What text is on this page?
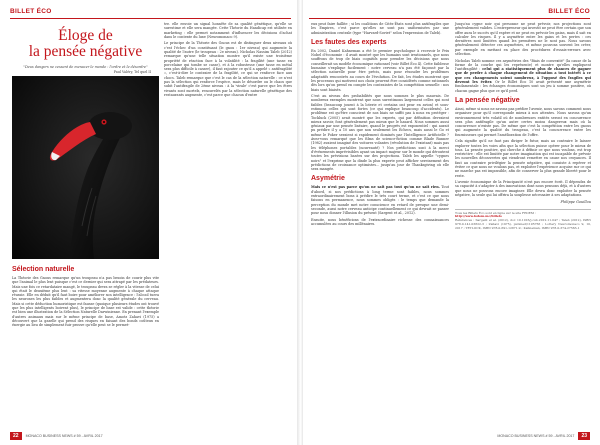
BILLET ÉCO
Éloge de
la pensée négative
"Deux dangers ne cessent de menacer le monde : l'ordre et le désordre"
Paul Valéry, Tel quel II
Sélection naturelle

La Théorie des Gnous remarque qu'un troupeau n'a pas besoin de courir plus vite que l'animal le plus lent puisque c'est ce dernier qui sera attrapé par les prédateurs. Mais une fois ce retardataire mangé, le troupeau devra se régler à la vitesse de celui qui était le deuxième plus lent : sa vitesse moyenne augmente à chaque attaque réussie. Elle en déduit qu'il faut boire pour améliorer son intelligence : l'alcool tuera les neurones les plus faibles et augmentera donc la qualité générale du cerveau. Mais si cette déduction humoristique est fausse (quoique plusieurs études ont trouvé que les plus intelligents boivent plus), le principe de base est valide : cette théorie est bien une illustration de la Sélection Naturelle Darwinienne. En prenant l'exemple d'autres animaux mais sur le même principe de base, Amotz Zahavi (1975) a découvert que la gazelle qui prend des risques en faisant des bonds coûteux en énergie au lieu de simplement fuir prouve qu'elle peut se le permet-

tre. elle envoie un signal honnête de sa qualité génétique, qu'elle se surestime et elle sera mangée. Cette Théorie du Handicap est utilisée en marketing : elle permet notamment d'influencer les décisions d'achat dans le contexte du luxe (Neuromonaco 9).

Le principe de la Théorie des Gnous est de distinguer deux niveaux où c'est l'échec d'un constituant (le gnou : 1er niveau) qui augmente la qualité de l'autre (le troupeau : 2e niveau). Nicholas Nassim Taleb (2012) remarque qu'une telle situation montre qu'il existe une troisième propriété de réaction face à la volatilité : la fragilité (une tasse en porcelaine qui tombe se casse), et à la robustesse (une tasse en métal sera plus difficile à casser), il faut rajouter ce qu'il a appelé « antifragilité », c'est-à-dire le contraire de la fragilité, ce qui se renforce face aux chocs. Taleb remarque que c'est le cas de la sélection naturelle : ce n'est pas la sélection qui renforce l'espèce, mais le désordre ou le chaos que subit l'antifragile de 2ème niveau : à la 'virale' c'est parce que les êtres vivants sont mortels, renouvelés par la sélection naturelle génétique des restaurants augmente, c'est parce que chacun d'entre

22	MONACO BUSINESS NEWS # 59 - AVRIL 2017
BILLET ÉCO

eux peut faire faillite ; si les coalitions de Cités-États sont plus antifragiles que les Empires, c'est parce qu'elles ne sont pas uniformisées par une administration centrale (type "Harvard-Soviet" selon l'expression de Taleb).

Les fautes des experts

En 2002, Daniel Kahneman a été le premier psychologue à recevoir le Prix Nobel d'économie : il avait montré que les humains sont irrationnels, que nous souffrons de trop de biais cognitifs pour prendre les décisions que nous conseillerait un modèle économique rationnel (voir Billet Éco 4). Cette faiblesse humaine s'explique facilement : notre cerveau n'a pas été façonné par la sélection naturelle pour être précis, mais pour résoudre les problèmes adaptatifs rencontrés au cours de l'évolution. De fait, les études montrent que les processus qui motivent nos choix peuvent être considérés comme rationnels dès lors qu'on prend en compte les contraintes de la compétition sexuelle : nos biais sont biaisés.

C'est au niveau des probabilités que nous sommes le plus mauvais. De nombreux exemples montrent que nous surestimons largement celles qui sont faibles (beaucoup jouent à la loterie et certains ont peur en avion) et sous-estimons celles qui sont fortes (ce qui explique beaucoup d'accidents). Le problème est qu'être conscient de nos biais ne suffit pas à nous en protéger : Tockluck (2005) avait montré que les experts, qui par définition devraient mieux savoir, font généralement pas mieux que le hasard. Nous sommes aussi géniaux par une pensée linéaire, quand le progrès est exponentiel : qui aurait pu prédire il y a 10 ans que non seulement les Échecs, mais aussi le Go et même le Poker seraient si rapidement dominés par l'Intelligence Artificielle ? Avez-vous remarqué que les films de science-fiction comme Blade Runner (1982) avaient imaginé des voitures volantes (révolution de l'existant) mais pas les téléphones portables (nouveauté) ? Nos prédictions sont à la merci d'événements imprévisibles ayant un impact majeur sur le monde qui déroutent toutes les prévisions basées sur des projections. Taleb les appelle "cygnes noirs" et l'exprime que la dinde la plus experte peut afficher sereinement des prédictions de croissance optimistes... jusqu'au jour de Thanksgiving où elle sera mangée.

Asymétrie

Mais ce n'est pas parce qu'on ne sait pas tout qu'on ne sait rien. Tout d'abord, si nos prédictions à long terme sont faibles, nous sommes extraordinairement bons à prédire le très court terme, et c'est ce que nous faisons en permanence, nous sommes obligés : le temps que demande la perception du monde met notre conscience en retard de presque une demi-seconde, aussi notre cerveau anticipe continuellement ce qui devrait se passer pour nous donner l'illusion du présent (Sargent et al., 2012).

Ensuite, nous bénéficions de l'extraordinaire richesse des connaissances accumulées au cours des millénaires.

Jusqu'au cygne noir qui personne ne peut prévoir, nos projections sont généralement valides. L'entrepreneur qui investit ne peut être certain que son offre aura le succès qu'il espère et ne peut en prévoir les gains, mais il sait en calculer les risques. Il y a asymétrie entre les gains et les pertes : ces dernières sont limitées quand les premières ne le sont pas. Nous savons généralement détecter ces asymétries, et même pouvons souvent les créer, par exemple en mettant en place des procédures d'essais-erreurs avec sélection.

Nicholas Taleb nomme ces asymétries des "Biais de convexité" (la cause de la forme de la courbe qui les représente) et montre qu'elles expliquent l'antifragilité : celui qui a statistiquement plus de chances de gagner que de perdre à chaque changement de situation a tout intérêt à ce que ces changements soient nombreux, à l'opposé des fragiles qui devront les éviter. Or le Billet Éco 10 avait présenté une asymétrie fondamentale : les échanges économiques sont un jeu à somme positive, où chacun gagne plus que ce qu'il perd.

La pensée négative

Ainsi, même si nous ne savons pas prédire l'avenir, nous savons comment nous organiser pour qu'il corresponde mieux à nos attentes. Nous savons qu'un environnement très volatil où de nombreuses entités seront en concurrence sera plus antifragile qu'un autre certes moins dangereux mais où la concurrence n'existe pas. De même que c'est la compétition entre les gnous qui augmente la qualité du troupeau, c'est la concurrence entre les fournisseurs qui permet l'amélioration de l'offre.

Cela signifie qu'il ne faut pas diriger le futur, mais au contraire le laisser explorer toutes les voies afin que la sélection puisse opérer pour le mieux de tous. La pensée positive, qui cherche à définir ce que nous voulons, est trop restrictive : elle est limitée par notre imagination qui est incapable de prévoir les nouvelles découvertes qui viendront remettre en cause nos croyances. Il faut au contraire privilégier la pensée négative, qui consiste à repérer et éviter ce que nous ne voulons pas, et exploiter l'expérience acquise sur ce qui ne marche pas est impossible, afin de conserver la plus grande liberté pour le reste.

L'avenir économique de la Principauté n'est pas encore écrit. Il dépendra de sa capacité à s'adapter à des innovations dont nous pensons déjà, et à d'autres que nous ne pouvons encore imaginer. Elle devra donc exploiter la pensée négative, la seule qui lui offrira la souplesse nécessaire à ses adaptations.

Philippe Gouillou
Tous les Billets Éco sont en ligne sur le site FEDEM :
http://www.fedem.mc/billets
Références : Sargent et al. (2012), doi: 10.1016/j.cub.2012.11.047 ; Taleb (2012), ISBN 978-0-141-03822-3 ; Zahavi (1975), pubmed/1195756 ; Lottery Neuromonaco 9, 10, 2017 ; TETLOCK, ISBN 978-0-691-12871-9 ; Kahneman, ISBN 978-0-374-27563-1
MONACO BUSINESS NEWS # 59 - AVRIL 2017	23
